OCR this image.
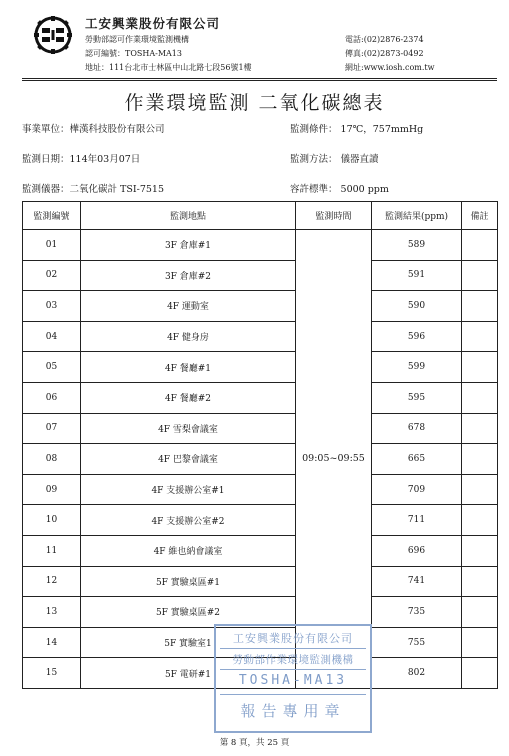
工安興業股份有限公司
勞動部認可作業環境監測機構
認可編號：TOSHA-MA13
地址：111台北市士林區中山北路七段56號1樓
電話:(02)2876-2374
傳真:(02)2873-0492
網址:www.iosh.com.tw
作業環境監測 二氧化碳總表
事業單位：樺漢科技股份有限公司	監測條件： 17℃，757mmHg
監測日期：114年03月07日	監測方法： 儀器直讀
監測儀器：二氧化碳計 TSI-7515	容許標準： 5000 ppm
監測編號	監測地點	監測時間	監測結果(ppm)	備註
01	3F 倉庫#1	09:05~09:55	589	
02	3F 倉庫#2		591	
03	4F 運動室		590	
04	4F 健身房		596	
05	4F 餐廳#1		599	
06	4F 餐廳#2		595	
07	4F 雪梨會議室		678	
08	4F 巴黎會議室		665	
09	4F 支援辦公室#1		709	
10	4F 支援辦公室#2		711	
11	4F 維也納會議室		696	
12	5F 實驗桌區#1		741	
13	5F 實驗桌區#2		735	
14	5F 實驗室1		755	
15	5F 電研#1		802	
工安興業股份有限公司
勞動部作業環境監測機構
TOSHA-MA13
報告專用章
第 8 頁，共 25 頁
